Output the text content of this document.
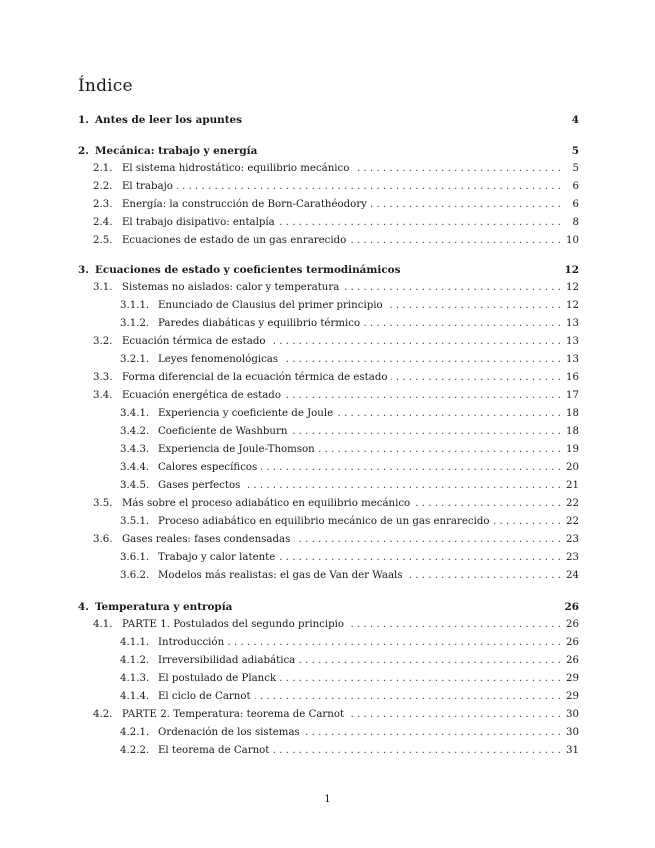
Índice
1. Antes de leer los apuntes	4
2. Mecánica: trabajo y energía	5
2.1. El sistema hidrostático: equilibrio mecánico . . .	5
2.2. El trabajo . . .	6
2.3. Energía: la construcción de Born-Carathéodory . . .	6
2.4. El trabajo disipativo: entalpía . . .	8
2.5. Ecuaciones de estado de un gas enrarecido . . .	10
3. Ecuaciones de estado y coeficientes termodinámicos	12
3.1. Sistemas no aislados: calor y temperatura . . .	12
3.1.1. Enunciado de Clausius del primer principio . . .	12
3.1.2. Paredes diabáticas y equilibrio térmico . . .	13
3.2. Ecuación térmica de estado . . .	13
3.2.1. Leyes fenomenológicas . . .	13
3.3. Forma diferencial de la ecuación térmica de estado . . .	16
3.4. Ecuación energética de estado . . .	17
3.4.1. Experiencia y coeficiente de Joule . . .	18
3.4.2. Coeficiente de Washburn . . .	18
3.4.3. Experiencia de Joule-Thomson . . .	19
3.4.4. Calores específicos . . .	20
3.4.5. Gases perfectos . . .	21
3.5. Más sobre el proceso adiabático en equilibrio mecánico . . .	22
3.5.1. Proceso adiabático en equilibrio mecánico de un gas enrarecido . . .	22
3.6. Gases reales: fases condensadas . . .	23
3.6.1. Trabajo y calor latente . . .	23
3.6.2. Modelos más realistas: el gas de Van der Waals . . .	24
4. Temperatura y entropía	26
4.1. PARTE 1. Postulados del segundo principio . . .	26
4.1.1. Introducción . . .	26
4.1.2. Irreversibilidad adiabática . . .	26
4.1.3. El postulado de Planck . . .	29
4.1.4. El ciclo de Carnot . . .	29
4.2. PARTE 2. Temperatura: teorema de Carnot . . .	30
4.2.1. Ordenación de los sistemas . . .	30
4.2.2. El teorema de Carnot . . .	31
1
